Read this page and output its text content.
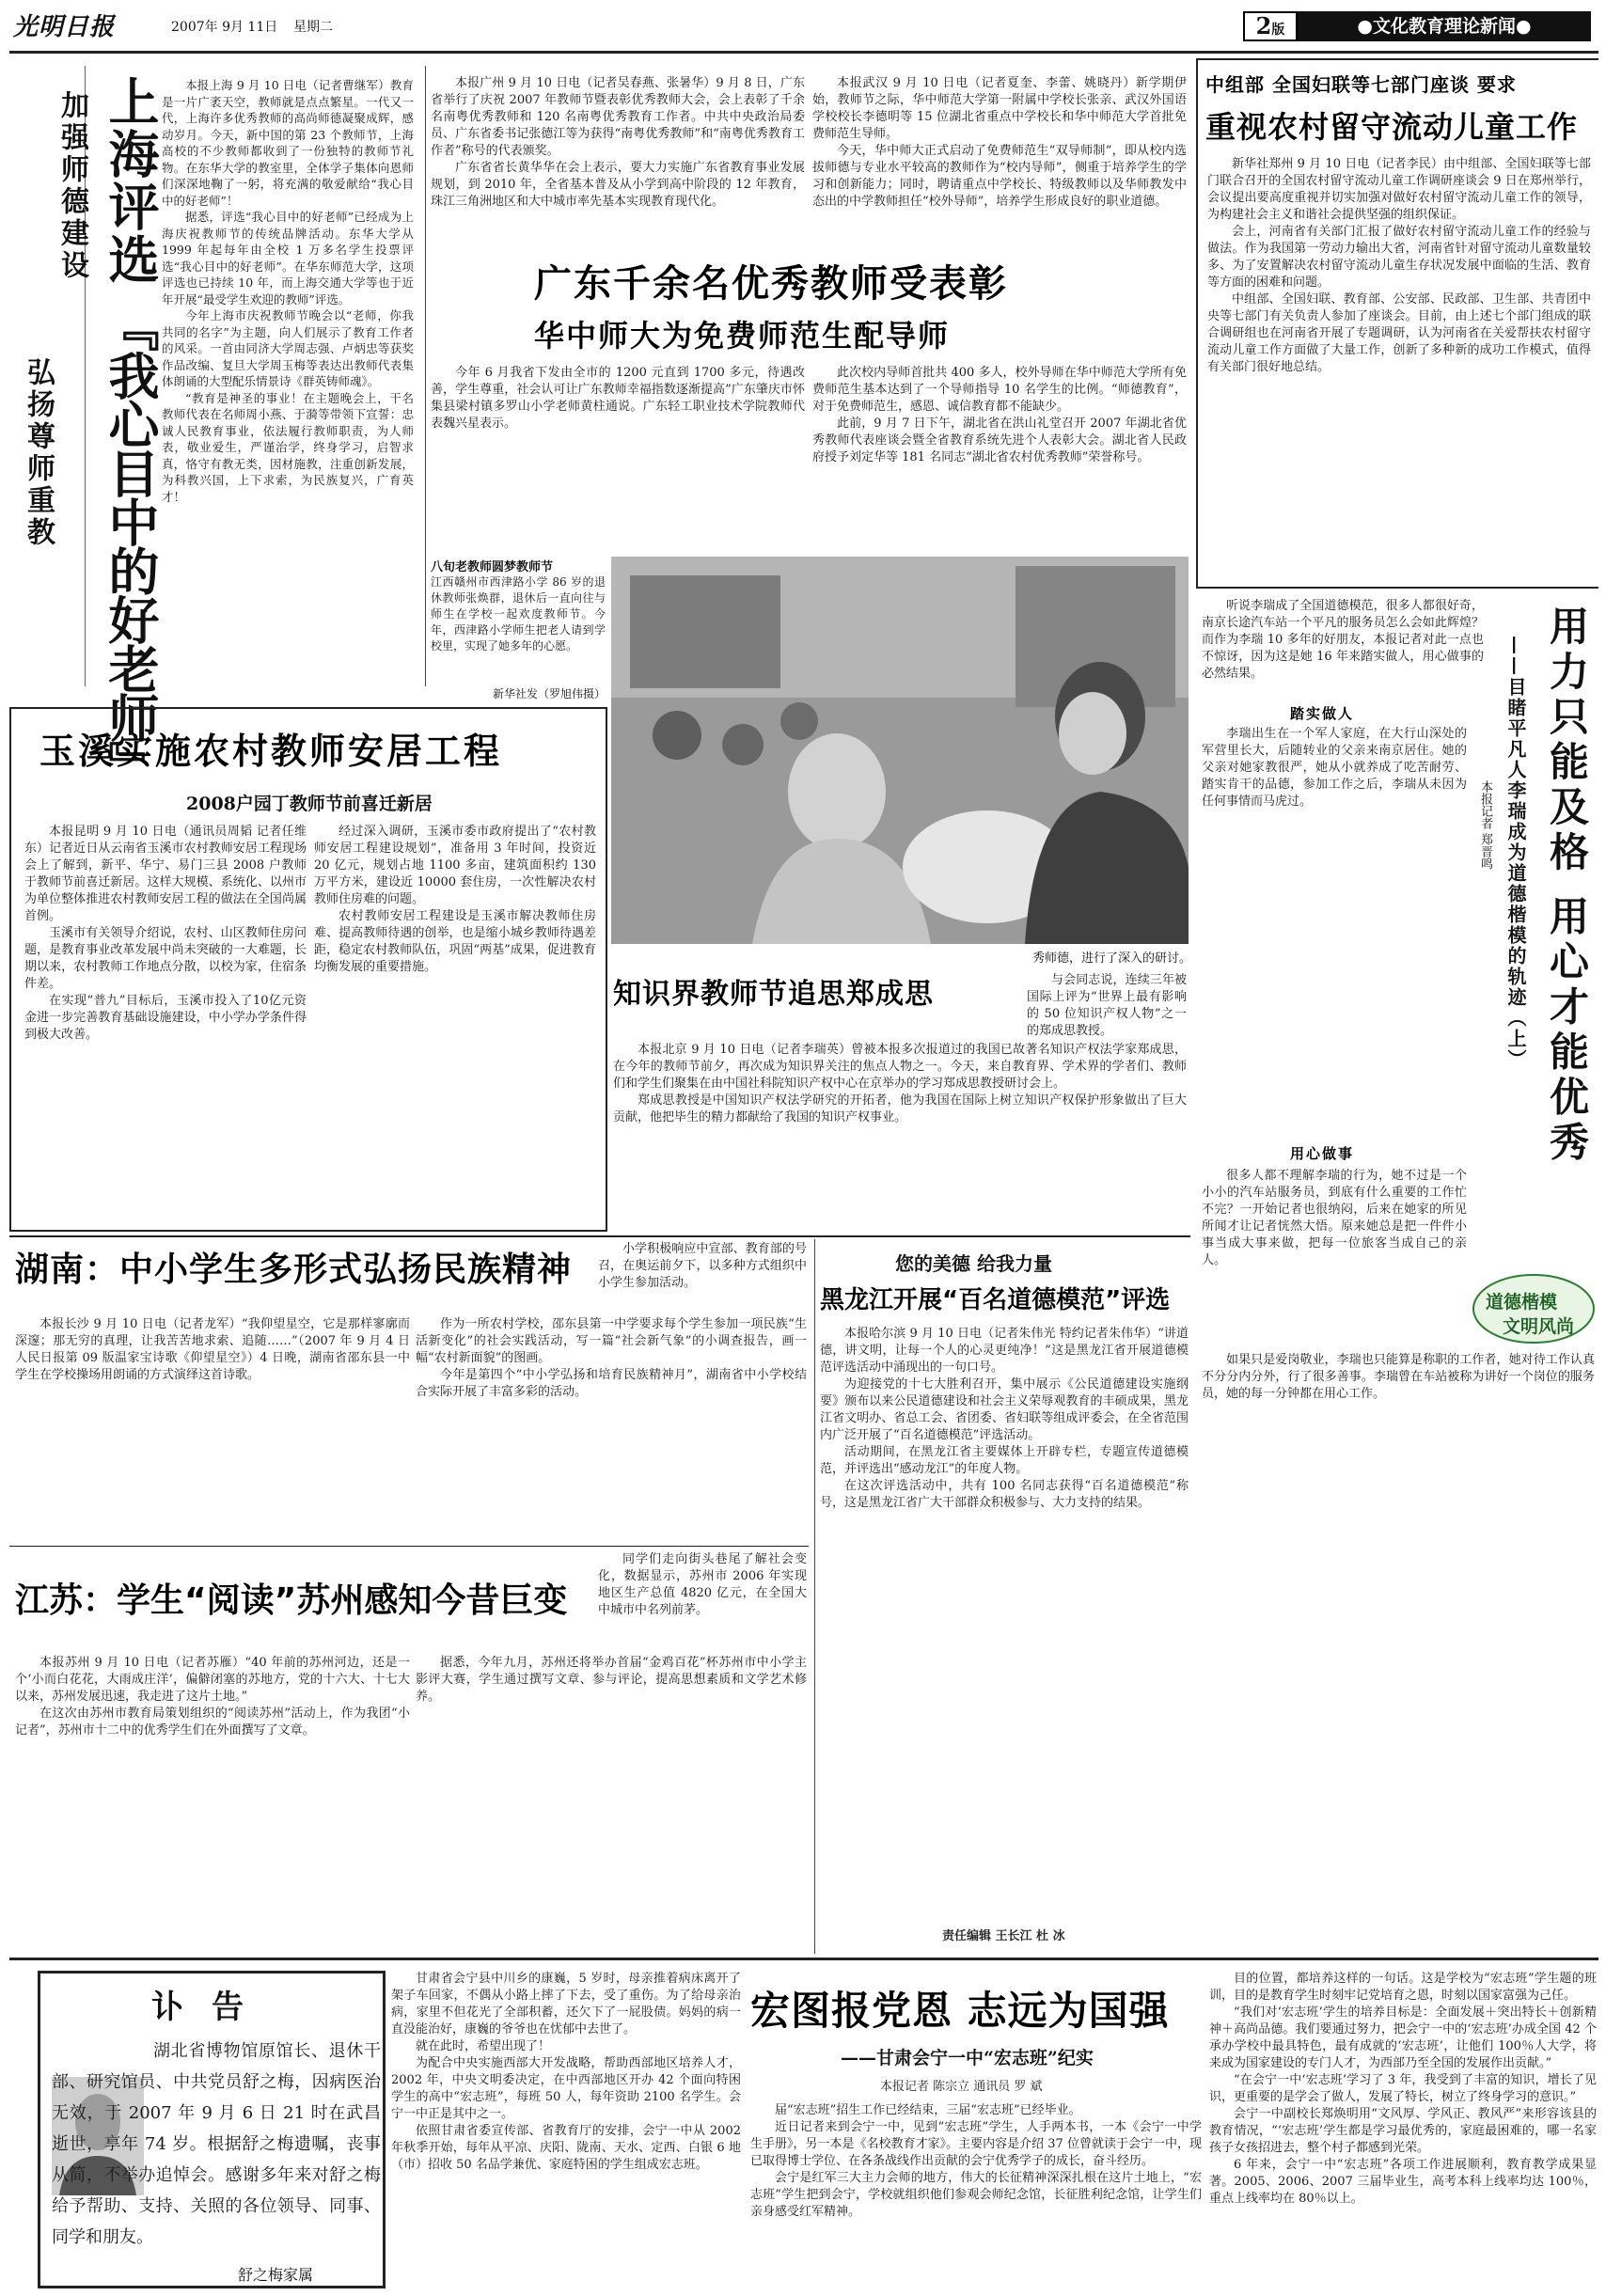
光明日报	2007年 9月 11日 星期二	2版	●文化教育理论新闻●
加强师德建设
弘扬尊师重教
上海评选
『我心目中的好老师』

本报上海 9 月 10 日电（记者曹继军）教育是一片广袤天空，教师就是点点繁星。一代又一代，上海许多优秀教师的高尚师德凝聚成辉，感动岁月。今天，新中国的第 23 个教师节，上海高校的不少教师都收到了一份独特的教师节礼物。在东华大学的教室里，全体学子集体向恩师们深深地鞠了一躬，将充满的敬爱献给“我心目中的好老师”！

据悉，评选“我心目中的好老师”已经成为上海庆祝教师节的传统品牌活动。东华大学从 1999 年起每年由全校 1 万多名学生投票评选“我心目中的好老师”。在华东师范大学，这项评选也已持续 10 年，而上海交通大学等也于近年开展“最受学生欢迎的教师”评选。

今年上海市庆祝教师节晚会以“老师，你我共同的名字”为主题，向人们展示了教育工作者的风采。一首由同济大学周志强、卢炳忠等获奖作品改编、复旦大学周玉梅等表达出教师代表集体朗诵的大型配乐情景诗《群英铸师魂》。

“教育是神圣的事业！在主题晚会上，干名教师代表在名师周小燕、于漪等带领下宣誓：忠诚人民教育事业，依法履行教师职责，为人师表，敬业爱生，严谨治学，终身学习，启智求真，恪守有教无类，因材施教，注重创新发展，为科教兴国，上下求索，为民族复兴，广育英才！

本报广州 9 月 10 日电（记者吴春燕、张暑华）9 月 8 日，广东省举行了庆祝 2007 年教师节暨表彰优秀教师大会，会上表彰了千余名南粤优秀教师和 120 名南粤优秀教育工作者。中共中央政治局委员、广东省委书记张德江等为获得“南粤优秀教师”和“南粤优秀教育工作者”称号的代表颁奖。

广东省省长黄华华在会上表示，要大力实施广东省教育事业发展规划，到 2010 年，全省基本普及从小学到高中阶段的 12 年教育，珠江三角洲地区和大中城市率先基本实现教育现代化。

本报武汉 9 月 10 日电（记者夏奎、李蕾、姚晓丹）新学期伊始，教师节之际，华中师范大学第一附属中学校长张亲、武汉外国语学校校长李德明等 15 位湖北省重点中学校长和华中师范大学首批免费师范生导师。

今天，华中师大正式启动了免费师范生“双导师制”，即从校内选拔师德与专业水平较高的教师作为“校内导师”，侧重于培养学生的学习和创新能力；同时，聘请重点中学校长、特级教师以及华师教发中态出的中学教师担任“校外导师”，培养学生形成良好的职业道德。

广东千余名优秀教师受表彰
华中师大为免费师范生配导师

今年 6 月我省下发由全市的 1200 元直到 1700 多元，待遇改善，学生尊重，社会认可让广东教师幸福指数逐渐提高”广东肇庆市怀集县梁村镇多罗山小学老师黄柱通说。广东轻工职业技术学院教师代表魏兴星表示。

此次校内导师首批共 400 多人，校外导师在华中师范大学所有免费师范生基本达到了一个导师指导 10 名学生的比例。“师德教育”，对于免费师范生，感恩、诚信教育都不能缺少。

此前，9 月 7 日下午，湖北省在洪山礼堂召开 2007 年湖北省优秀教师代表座谈会暨全省教育系统先进个人表彰大会。湖北省人民政府授予刘定华等 181 名同志“湖北省农村优秀教师”荣誉称号。

中组部 全国妇联等七部门座谈 要求
重视农村留守流动儿童工作

新华社郑州 9 月 10 日电（记者李民）由中组部、全国妇联等七部门联合召开的全国农村留守流动儿童工作调研座谈会 9 日在郑州举行，会议提出要高度重视并切实加强对做好农村留守流动儿童工作的领导，为构建社会主义和谐社会提供坚强的组织保证。

会上，河南省有关部门汇报了做好农村留守流动儿童工作的经验与做法。作为我国第一劳动力输出大省，河南省针对留守流动儿童数量较多、为了安置解决农村留守流动儿童生存状况发展中面临的生活、教育等方面的困难和问题。

中组部、全国妇联、教育部、公安部、民政部、卫生部、共青团中央等七部门有关负责人参加了座谈会。目前，由上述七个部门组成的联合调研组也在河南省开展了专题调研，认为河南省在关爱帮扶农村留守流动儿童工作方面做了大量工作，创新了多种新的成功工作模式，值得有关部门很好地总结。

八旬老教师圆梦教师节
江西赣州市西津路小学 86 岁的退休教师张焕群，退休后一直向往与师生在学校一起欢度教师节。今年，西津路小学师生把老人请到学校里，实现了她多年的心愿。
新华社发（罗旭伟摄）
秀师德，进行了深入的研讨。
玉溪实施农村教师安居工程
2008户园丁教师节前喜迁新居

本报昆明 9 月 10 日电（通讯员周韬 记者任维东）记者近日从云南省玉溪市农村教师安居工程现场会上了解到，新平、华宁、易门三县 2008 户教师于教师节前喜迁新居。这样大规模、系统化、以州市为单位整体推进农村教师安居工程的做法在全国尚属首例。

玉溪市有关领导介绍说，农村、山区教师住房问题，是教育事业改革发展中尚未突破的一大难题，长期以来，农村教师工作地点分散，以校为家，住宿条件差。

在实现“普九”目标后，玉溪市投入了10亿元资金进一步完善教育基础设施建设，中小学办学条件得到极大改善。

经过深入调研，玉溪市委市政府提出了“农村教师安居工程建设规划”，准备用 3 年时间，投资近 20 亿元，规划占地 1100 多亩，建筑面积约 130 万平方米，建设近 10000 套住房，一次性解决农村教师住房难的问题。

农村教师安居工程建设是玉溪市解决教师住房难、提高教师待遇的创举，也是缩小城乡教师待遇差距，稳定农村教师队伍，巩固“两基”成果，促进教育均衡发展的重要措施。

知识界教师节追思郑成思	与会同志说，连续三年被国际上评为“世界上最有影响的 50 位知识产权人物”之一的郑成思教授。

本报北京 9 月 10 日电（记者李瑞英）曾被本报多次报道过的我国已故著名知识产权法学家郑成思，在今年的教师节前夕，再次成为知识界关注的焦点人物之一。今天，来自教育界、学术界的学者们、教师们和学生们聚集在由中国社科院知识产权中心在京举办的学习郑成思教授研讨会上。

郑成思教授是中国知识产权法学研究的开拓者，他为我国在国际上树立知识产权保护形象做出了巨大贡献，他把毕生的精力都献给了我国的知识产权事业。

湖南：中小学生多形式弘扬民族精神
小学积极响应中宣部、教育部的号召，在奥运前夕下，以多种方式组织中小学生参加活动。

本报长沙 9 月 10 日电（记者龙军）“我仰望星空，它是那样寥廓而深邃；那无穷的真理，让我苦苦地求索、追随……”（2007 年 9 月 4 日人民日报第 09 版温家宝诗歌《仰望星空》）4 日晚，湖南省邵东县一中学生在学校操场用朗诵的方式演绎这首诗歌。

作为一所农村学校，邵东县第一中学要求每个学生参加一项民族“生活新变化”的社会实践活动，写一篇“社会新气象”的小调查报告，画一幅“农村新面貌”的图画。

今年是第四个“中小学弘扬和培育民族精神月”，湖南省中小学校结合实际开展了丰富多彩的活动。

同学们走向街头巷尾了解社会变化，数据显示，苏州市 2006 年实现地区生产总值 4820 亿元，在全国大中城市中名列前茅。

江苏：学生“阅读”苏州感知今昔巨变

本报苏州 9 月 10 日电（记者苏雁）“40 年前的苏州河边，还是一个‘小而白花花，大雨成庄洋’，偏僻闭塞的苏地方，党的十六大、十七大以来，苏州发展迅速，我走进了这片土地。”

在这次由苏州市教育局策划组织的“阅读苏州”活动上，作为我团“小记者”，苏州市十二中的优秀学生们在外面撰写了文章。

据悉，今年九月，苏州还将举办首届“金鸡百花”杯苏州市中小学主影评大赛，学生通过撰写文章、参与评论，提高思想素质和文学艺术修养。

您的美德 给我力量
黑龙江开展“百名道德模范”评选

本报哈尔滨 9 月 10 日电（记者朱伟光 特约记者朱伟华）“讲道德，讲文明，让每一个人的心灵更纯净！”这是黑龙江省开展道德模范评选活动中涌现出的一句口号。

为迎接党的十七大胜利召开，集中展示《公民道德建设实施纲要》颁布以来公民道德建设和社会主义荣辱观教育的丰硕成果，黑龙江省文明办、省总工会、省团委、省妇联等组成评委会，在全省范围内广泛开展了“百名道德模范”评选活动。

活动期间，在黑龙江省主要媒体上开辟专栏，专题宣传道德模范，并评选出“感动龙江”的年度人物。

在这次评选活动中，共有 100 名同志获得“百名道德模范”称号，这是黑龙江省广大干部群众积极参与、大力支持的结果。

责任编辑 王长江 杜 冰
听说李瑞成了全国道德模范，很多人都很好奇，南京长途汽车站一个平凡的服务员怎么会如此辉煌？而作为李瑞 10 多年的好朋友，本报记者对此一点也不惊讶，因为这是她 16 年来踏实做人，用心做事的必然结果。	用力只能及格 用心才能优秀
——目睹平凡人李瑞成为道德楷模的轨迹（上）
本报记者 郑晋鸣
踏实做人

李瑞出生在一个军人家庭，在大行山深处的军营里长大，后随转业的父亲来南京居住。她的父亲对她家教很严，她从小就养成了吃苦耐劳、踏实肯干的品德，参加工作之后，李瑞从未因为任何事情而马虎过。

用心做事

很多人都不理解李瑞的行为，她不过是一个小小的汽车站服务员，到底有什么重要的工作忙不完？一开始记者也很纳闷，后来在她家的所见所闻才让记者恍然大悟。原来她总是把一件件小事当成大事来做，把每一位旅客当成自己的亲人。

道德楷模
文明风尚

如果只是爱岗敬业，李瑞也只能算是称职的工作者，她对待工作认真不分分内分外，行了很多善事。李瑞曾在车站被称为讲好一个岗位的服务员，她的每一分钟都在用心工作。

讣告
湖北省博物馆原馆长、退休干部、研究馆员、中共党员舒之梅，因病医治无效，于 2007 年 9 月 6 日 21 时在武昌逝世，享年 74 岁。根据舒之梅遗嘱，丧事从简，不举办追悼会。感谢多年来对舒之梅给予帮助、支持、关照的各位领导、同事、同学和朋友。
舒之梅家属

甘肃省会宁县中川乡的康巍，5 岁时，母亲推着病床离开了架子车回家，不偶从小路上摔了下去，受了重伤。为了给母亲治病，家里不但花光了全部积蓄，还欠下了一屁股债。妈妈的病一直没能治好，康巍的爷爷也在忧郁中去世了。

就在此时，希望出现了！

为配合中央实施西部大开发战略，帮助西部地区培养人才，2002 年，中央文明委决定，在中西部地区开办 42 个面向特困学生的高中“宏志班”，每班 50 人，每年资助 2100 名学生。会宁一中正是其中之一。

依照甘肃省委宣传部、省教育厅的安排，会宁一中从 2002 年秋季开始，每年从平凉、庆阳、陇南、天水、定西、白银 6 地（市）招收 50 名品学兼优、家庭特困的学生组成宏志班。

宏图报党恩 志远为国强
——甘肃会宁一中“宏志班”纪实
本报记者 陈宗立 通讯员 罗 斌

届“宏志班”招生工作已经结束，三届“宏志班”已经毕业。

近日记者来到会宁一中，见到“宏志班”学生，人手两本书，一本《会宁一中学生手册》，另一本是《名校教育才家》。主要内容是介绍 37 位曾就读于会宁一中，现已取得博士学位、在各条战线作出贡献的会宁优秀学子的成长，奋斗经历。

会宁是红军三大主力会师的地方，伟大的长征精神深深扎根在这片土地上，“宏志班”学生把到会宁，学校就组织他们参观会师纪念馆，长征胜利纪念馆，让学生们亲身感受红军精神。

目的位置，都培养这样的一句话。这是学校为“宏志班”学生题的班训，目的是教育学生时刻牢记党培育之恩，时刻以国家富强为己任。

“我们对‘宏志班’学生的培养目标是：全面发展＋突出特长＋创新精神＋高尚品德。我们要通过努力，把会宁一中的‘宏志班’办成全国 42 个承办学校中最具特色，最有成就的‘宏志班’，让他们 100％人大学，将来成为国家建设的专门人才，为西部乃至全国的发展作出贡献。”

“在会宁一中‘宏志班’学习了 3 年，我受到了丰富的知识，增长了见识，更重要的是学会了做人，发展了特长，树立了终身学习的意识。”

会宁一中副校长郑焕明用“文风厚、学风正、教风严”来形容该县的教育情况，“‘宏志班’学生都是学习最优秀的，家庭最困难的，哪一名家孩子女孩招进去，整个村子都感到光荣。

6 年来，会宁一中“宏志班”各项工作进展顺利，教育教学成果显著。2005、2006、2007 三届毕业生，高考本科上线率均达 100％，重点上线率均在 80％以上。
